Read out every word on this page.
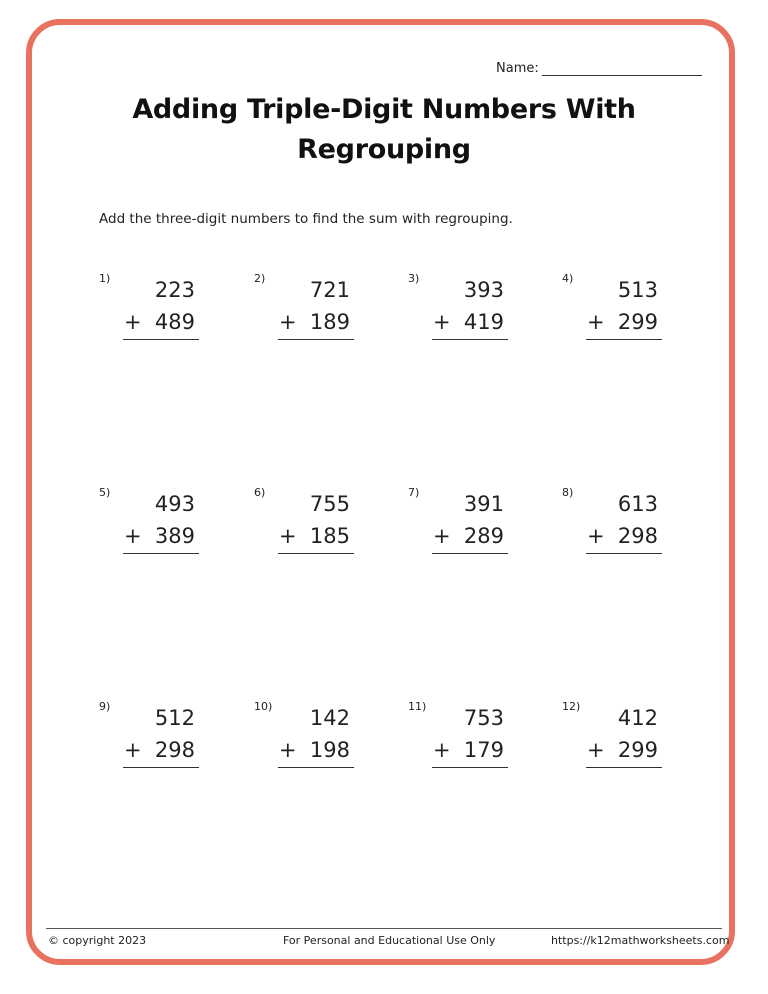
Name:
Adding Triple-Digit Numbers With
Regrouping
Add the three-digit numbers to find the sum with regrouping.
1) 223
+  489
2) 721
+  189
3) 393
+  419
4) 513
+  299
5) 493
+  389
6) 755
+  185
7) 391
+  289
8) 613
+  298
9) 512
+  298
10) 142
+  198
11) 753
+  179
12) 412
+  299
© copyright 2023	For Personal and Educational Use Only	https://k12mathworksheets.com
